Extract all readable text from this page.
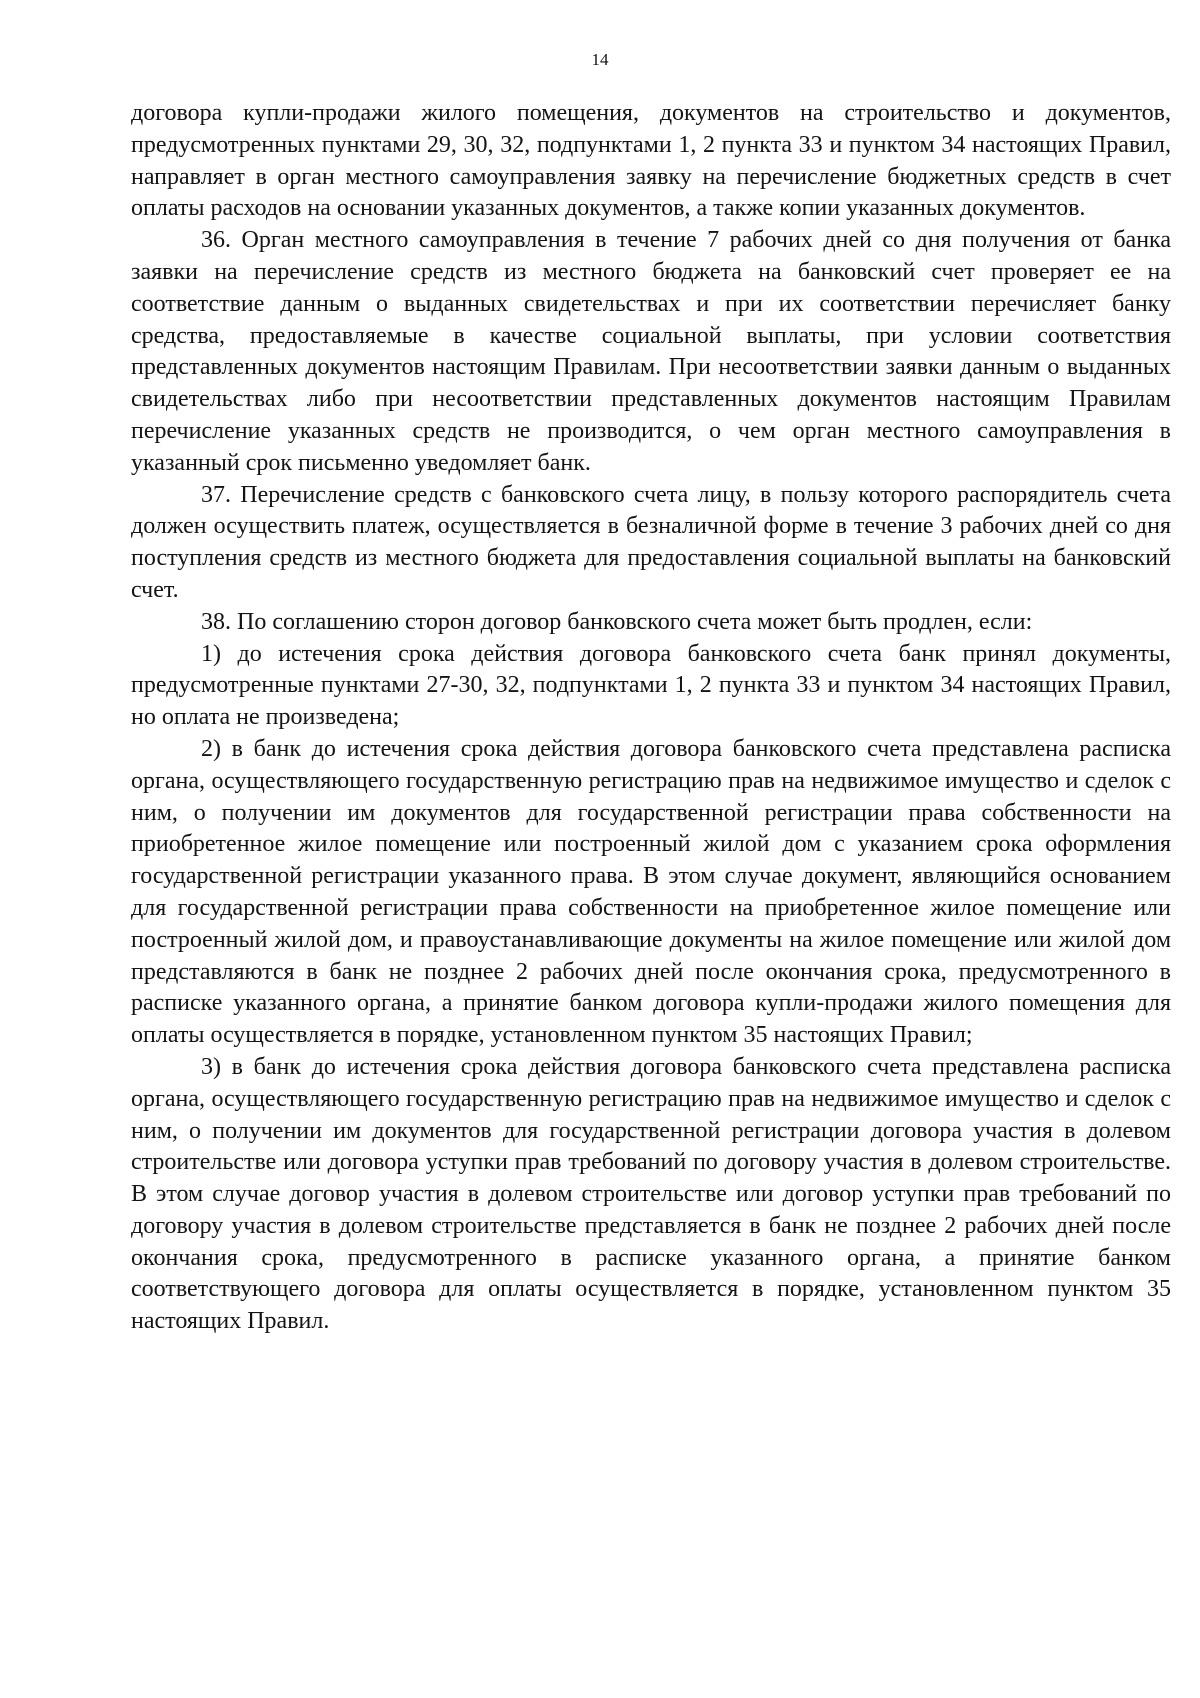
14

договора купли-продажи жилого помещения, документов на строительство и документов, предусмотренных пунктами 29, 30, 32, подпунктами 1, 2 пункта 33 и пунктом 34 настоящих Правил, направляет в орган местного самоуправления заявку на перечисление бюджетных средств в счет оплаты расходов на основании указанных документов, а также копии указанных документов.

36. Орган местного самоуправления в течение 7 рабочих дней со дня получения от банка заявки на перечисление средств из местного бюджета на банковский счет проверяет ее на соответствие данным о выданных свидетельствах и при их соответствии перечисляет банку средства, предоставляемые в качестве социальной выплаты, при условии соответствия представленных документов настоящим Правилам. При несоответствии заявки данным о выданных свидетельствах либо при несоответствии представленных документов настоящим Правилам перечисление указанных средств не производится, о чем орган местного самоуправления в указанный срок письменно уведомляет банк.

37. Перечисление средств с банковского счета лицу, в пользу которого распорядитель счета должен осуществить платеж, осуществляется в безналичной форме в течение 3 рабочих дней со дня поступления средств из местного бюджета для предоставления социальной выплаты на банковский счет.

38. По соглашению сторон договор банковского счета может быть продлен, если:

1) до истечения срока действия договора банковского счета банк принял документы, предусмотренные пунктами 27-30, 32, подпунктами 1, 2 пункта 33 и пунктом 34 настоящих Правил, но оплата не произведена;

2) в банк до истечения срока действия договора банковского счета представлена расписка органа, осуществляющего государственную регистрацию прав на недвижимое имущество и сделок с ним, о получении им документов для государственной регистрации права собственности на приобретенное жилое помещение или построенный жилой дом с указанием срока оформления государственной регистрации указанного права. В этом случае документ, являющийся основанием для государственной регистрации права собственности на приобретенное жилое помещение или построенный жилой дом, и правоустанавливающие документы на жилое помещение или жилой дом представляются в банк не позднее 2 рабочих дней после окончания срока, предусмотренного в расписке указанного органа, а принятие банком договора купли-продажи жилого помещения для оплаты осуществляется в порядке, установленном пунктом 35 настоящих Правил;

3) в банк до истечения срока действия договора банковского счета представлена расписка органа, осуществляющего государственную регистрацию прав на недвижимое имущество и сделок с ним, о получении им документов для государственной регистрации договора участия в долевом строительстве или договора уступки прав требований по договору участия в долевом строительстве. В этом случае договор участия в долевом строительстве или договор уступки прав требований по договору участия в долевом строительстве представляется в банк не позднее 2 рабочих дней после окончания срока, предусмотренного в расписке указанного органа, а принятие банком соответствующего договора для оплаты осуществляется в порядке, установленном пунктом 35 настоящих Правил.
